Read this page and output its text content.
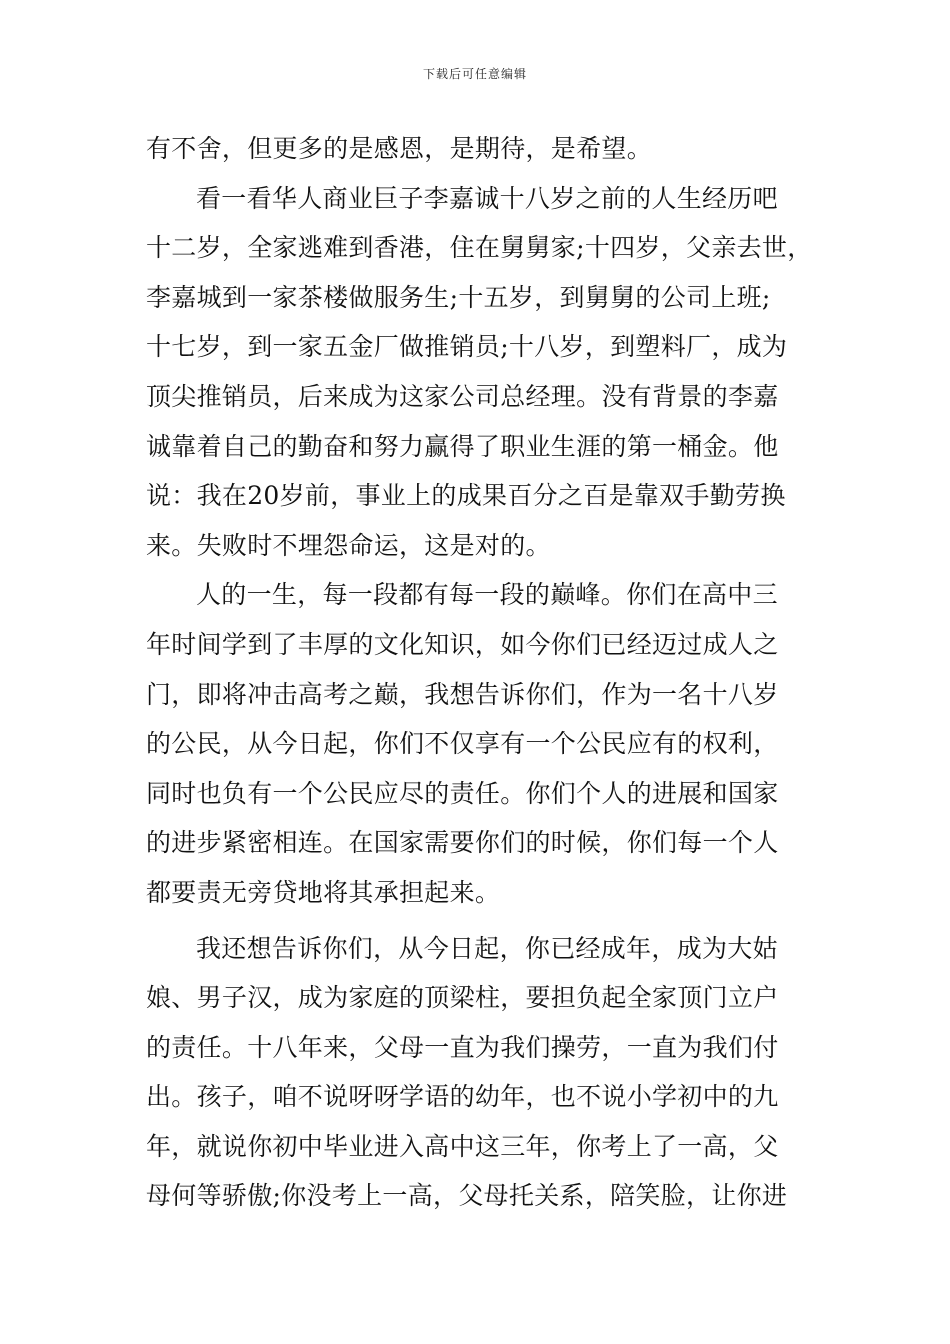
下载后可任意编辑
有不舍，但更多的是感恩，是期待，是希望。
看一看华人商业巨子李嘉诚十八岁之前的人生经历吧
十二岁，全家逃难到香港，住在舅舅家;十四岁，父亲去世，
李嘉城到一家茶楼做服务生;十五岁，到舅舅的公司上班;
十七岁，到一家五金厂做推销员;十八岁，到塑料厂，成为
顶尖推销员，后来成为这家公司总经理。没有背景的李嘉
诚靠着自己的勤奋和努力赢得了职业生涯的第一桶金。他
说：我在20岁前，事业上的成果百分之百是靠双手勤劳换
来。失败时不埋怨命运，这是对的。
人的一生，每一段都有每一段的巅峰。你们在高中三
年时间学到了丰厚的文化知识，如今你们已经迈过成人之
门，即将冲击高考之巅，我想告诉你们，作为一名十八岁
的公民，从今日起，你们不仅享有一个公民应有的权利，
同时也负有一个公民应尽的责任。你们个人的进展和国家
的进步紧密相连。在国家需要你们的时候，你们每一个人
都要责无旁贷地将其承担起来。
我还想告诉你们，从今日起，你已经成年，成为大姑
娘、男子汉，成为家庭的顶梁柱，要担负起全家顶门立户
的责任。十八年来，父母一直为我们操劳，一直为我们付
出。孩子，咱不说呀呀学语的幼年，也不说小学初中的九
年，就说你初中毕业进入高中这三年，你考上了一高，父
母何等骄傲;你没考上一高，父母托关系，陪笑脸，让你进
